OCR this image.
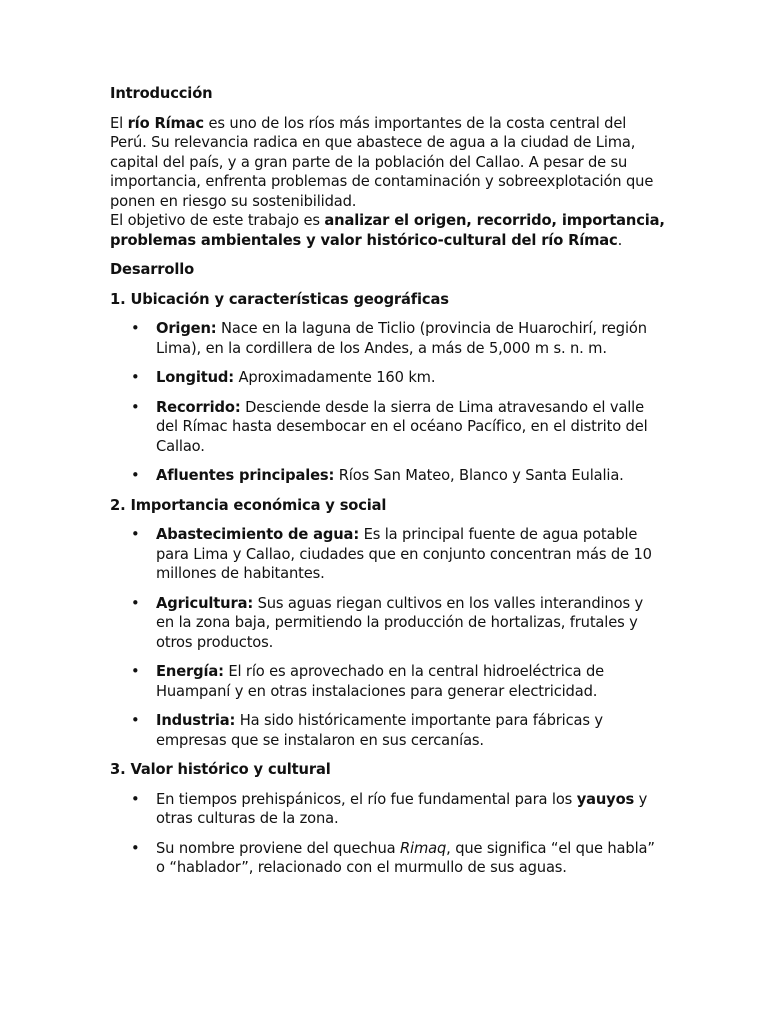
Introducción
El río Rímac es uno de los ríos más importantes de la costa central del Perú. Su relevancia radica en que abastece de agua a la ciudad de Lima, capital del país, y a gran parte de la población del Callao. A pesar de su importancia, enfrenta problemas de contaminación y sobreexplotación que ponen en riesgo su sostenibilidad.
El objetivo de este trabajo es analizar el origen, recorrido, importancia, problemas ambientales y valor histórico-cultural del río Rímac.
Desarrollo
1. Ubicación y características geográficas
• Origen: Nace en la laguna de Ticlio (provincia de Huarochirí, región Lima), en la cordillera de los Andes, a más de 5,000 m s. n. m.
• Longitud: Aproximadamente 160 km.
• Recorrido: Desciende desde la sierra de Lima atravesando el valle del Rímac hasta desembocar en el océano Pacífico, en el distrito del Callao.
• Afluentes principales: Ríos San Mateo, Blanco y Santa Eulalia.
2. Importancia económica y social
• Abastecimiento de agua: Es la principal fuente de agua potable para Lima y Callao, ciudades que en conjunto concentran más de 10 millones de habitantes.
• Agricultura: Sus aguas riegan cultivos en los valles interandinos y en la zona baja, permitiendo la producción de hortalizas, frutales y otros productos.
• Energía: El río es aprovechado en la central hidroeléctrica de Huampaní y en otras instalaciones para generar electricidad.
• Industria: Ha sido históricamente importante para fábricas y empresas que se instalaron en sus cercanías.
3. Valor histórico y cultural
• En tiempos prehispánicos, el río fue fundamental para los yauyos y otras culturas de la zona.
• Su nombre proviene del quechua Rimaq, que significa “el que habla” o “hablador”, relacionado con el murmullo de sus aguas.
